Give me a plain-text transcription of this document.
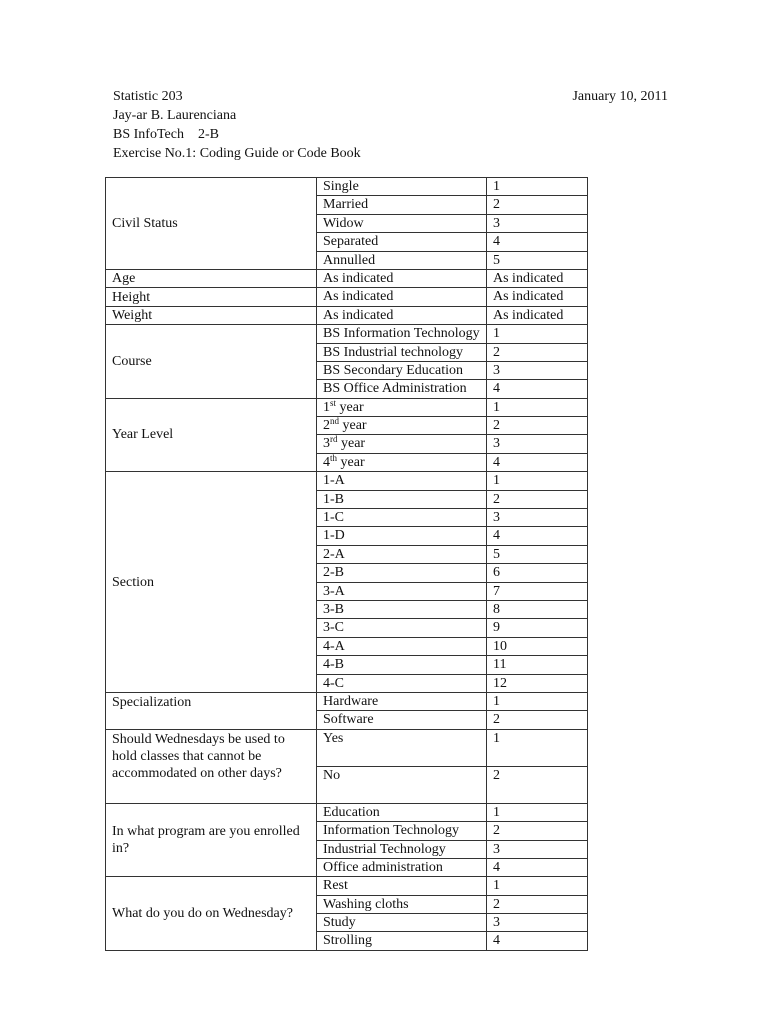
Statistic 203	January 10, 2011
Jay-ar B. Laurenciana
BS InfoTech    2-B
Exercise No.1: Coding Guide or Code Book
Civil Status	Single	1
	Married	2
	Widow	3
	Separated	4
	Annulled	5
Age	As indicated	As indicated
Height	As indicated	As indicated
Weight	As indicated	As indicated
Course	BS Information Technology	1
	BS Industrial technology	2
	BS Secondary Education	3
	BS Office Administration	4
Year Level	1st year	1
	2nd year	2
	3rd year	3
	4th year	4
Section	1-A	1
	1-B	2
	1-C	3
	1-D	4
	2-A	5
	2-B	6
	3-A	7
	3-B	8
	3-C	9
	4-A	10
	4-B	11
	4-C	12
Specialization	Hardware	1
	Software	2
Should Wednesdays be used to hold classes that cannot be accommodated on other days?	Yes	1
	No	2
In what program are you enrolled in?	Education	1
	Information Technology	2
	Industrial Technology	3
	Office administration	4
What do you do on Wednesday?	Rest	1
	Washing cloths	2
	Study	3
	Strolling	4
